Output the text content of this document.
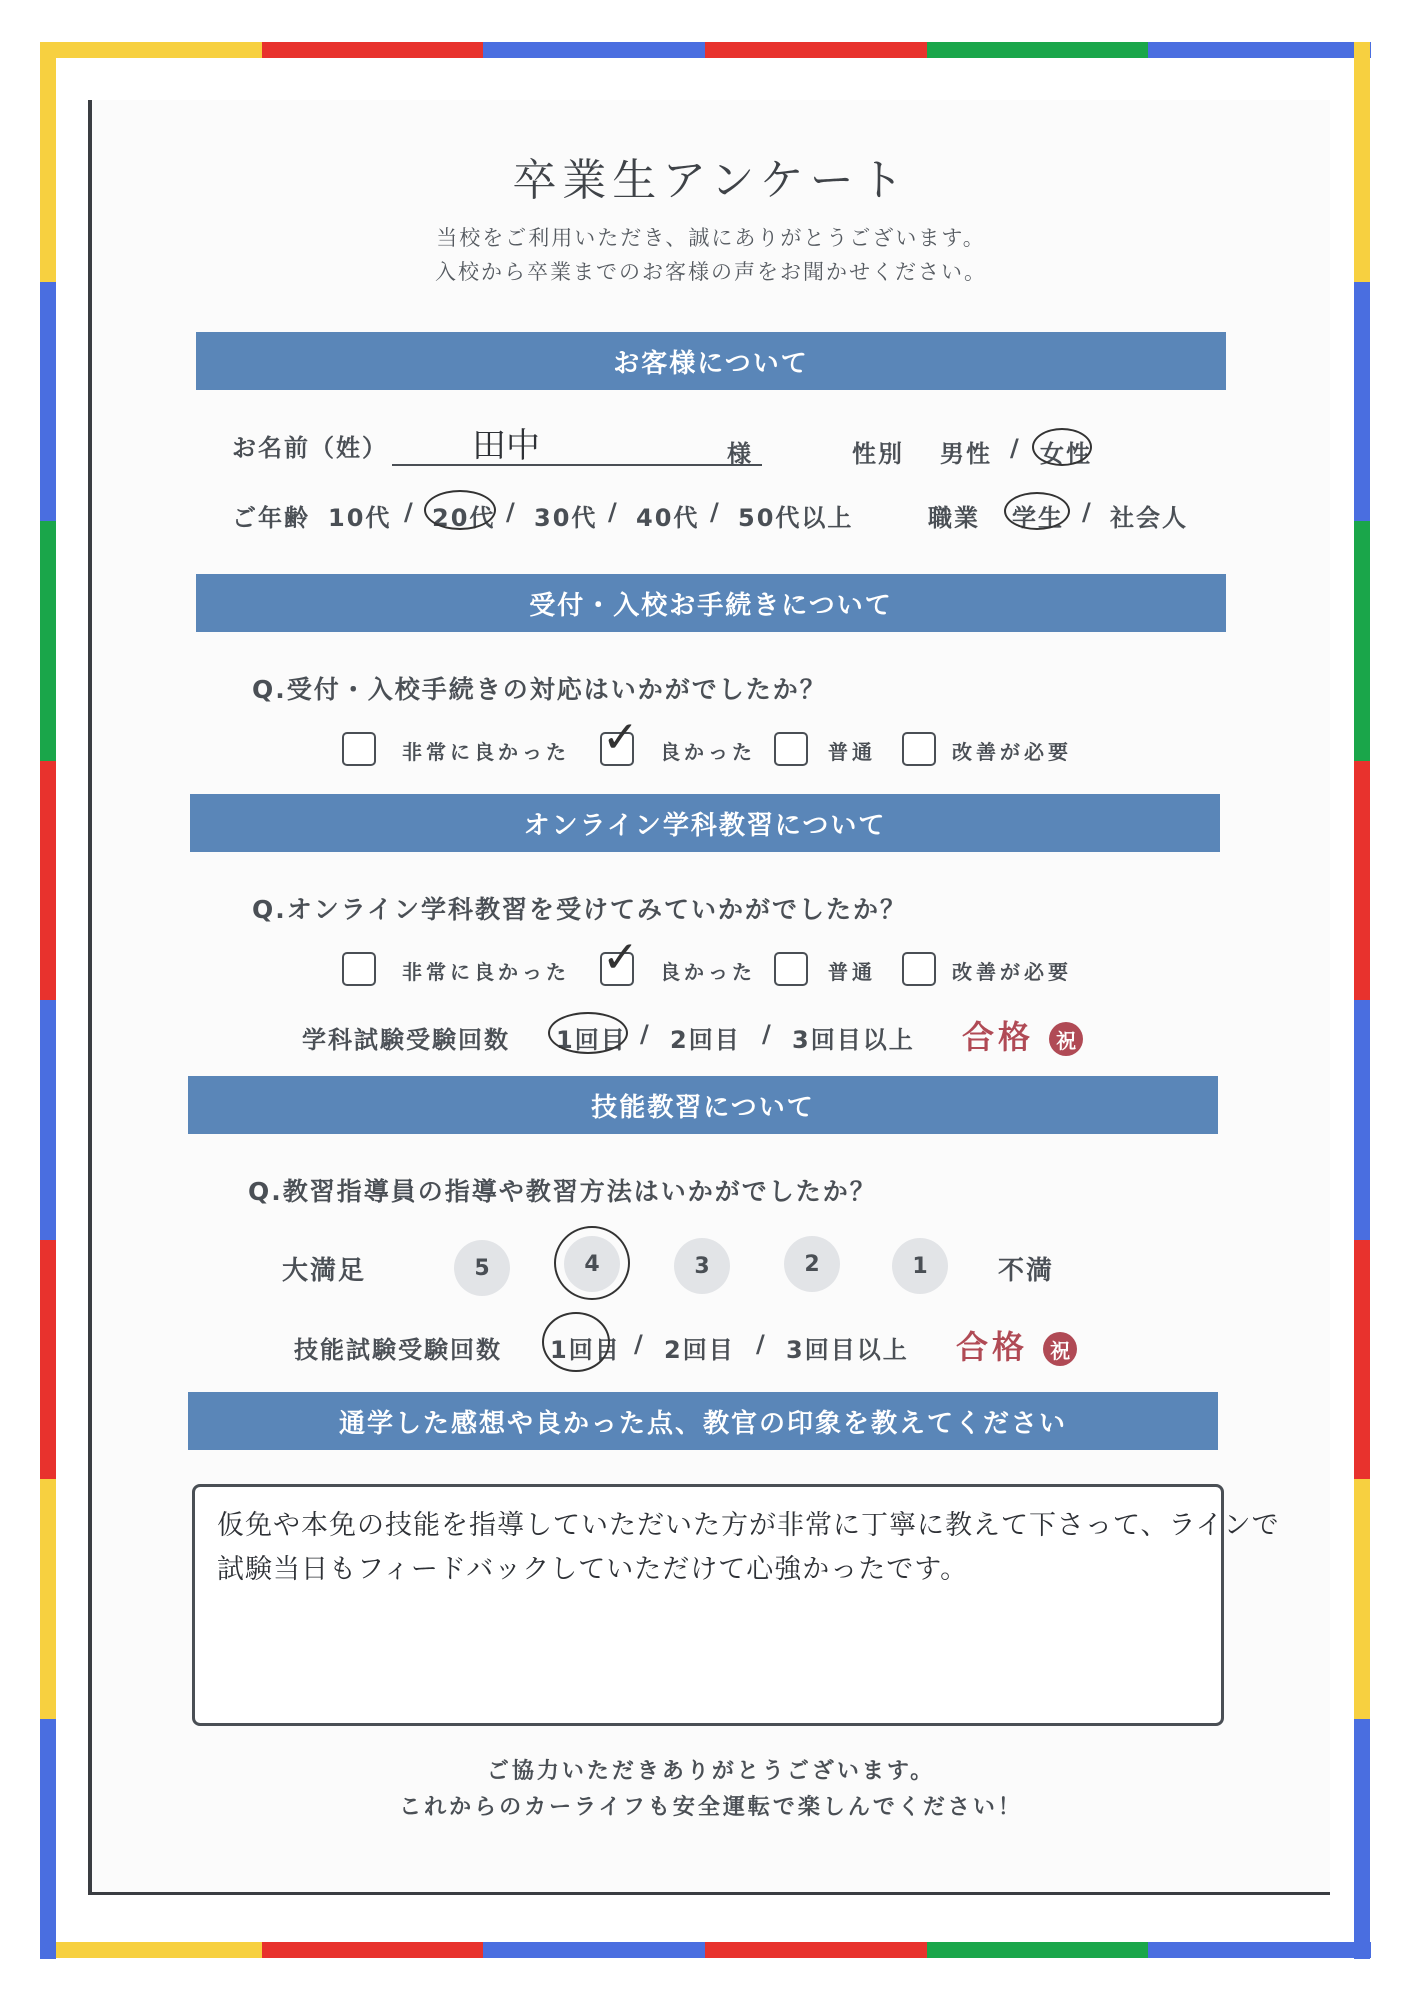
卒業生アンケート
当校をご利用いただき、誠にありがとうございます。
入校から卒業までのお客様の声をお聞かせください。
お客様について
お名前（姓） 田中	様	性別 男性 / 女性
ご年齢 10代 / 20代 / 30代 / 40代 / 50代以上	職業 学生 / 社会人
受付・入校お手続きについて
Q.受付・入校手続きの対応はいかがでしたか？
非常に良かった ✓ 良かった	普通	改善が必要
オンライン学科教習について
Q.オンライン学科教習を受けてみていかがでしたか？
非常に良かった ✓ 良かった	普通	改善が必要
学科試験受験回数 1回目 / 2回目 / 3回目以上 合格 祝
技能教習について
Q.教習指導員の指導や教習方法はいかがでしたか？
大満足	5	4	3	2	1	不満
技能試験受験回数 1回目 / 2回目 / 3回目以上 合格 祝
通学した感想や良かった点、教官の印象を教えてください
仮免や本免の技能を指導していただいた方が非常に丁寧に教えて下さって、ラインで
試験当日もフィードバックしていただけて心強かったです。
ご協力いただきありがとうございます。
これからのカーライフも安全運転で楽しんでください！
